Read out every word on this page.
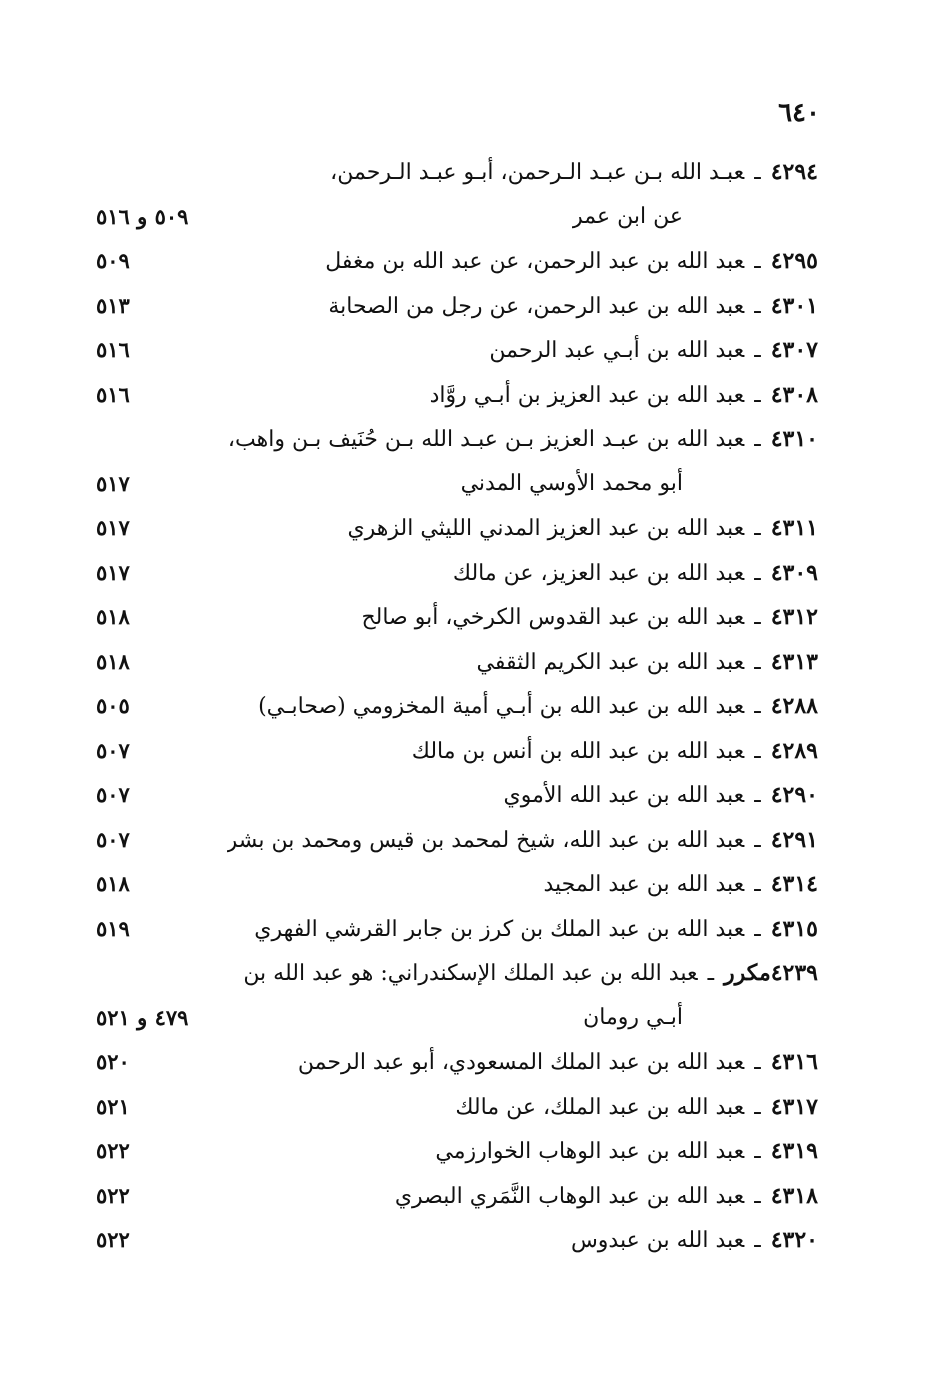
٦٤٠
٤٢٩٤ـعبـد الله بـن عبـد الـرحمن، أبـو عبـد الـرحمن،
عن ابن عمر
٥٠٩ و ٥١٦
٤٢٩٥ـعبد الله بن عبد الرحمن، عن عبد الله بن مغفل
٥٠٩
٤٣٠١ـعبد الله بن عبد الرحمن، عن رجل من الصحابة
٥١٣
٤٣٠٧ـعبد الله بن أبـي عبد الرحمن
٥١٦
٤٣٠٨ـعبد الله بن عبد العزيز بن أبـي روَّاد
٥١٦
٤٣١٠ـعبد الله بن عبـد العزيز بـن عبـد الله بـن حُنَيف بـن واهب،
أبو محمد الأوسي المدني
٥١٧
٤٣١١ـعبد الله بن عبد العزيز المدني الليثي الزهري
٥١٧
٤٣٠٩ـعبد الله بن عبد العزيز، عن مالك
٥١٧
٤٣١٢ـعبد الله بن عبد القدوس الكرخي، أبو صالح
٥١٨
٤٣١٣ـعبد الله بن عبد الكريم الثقفي
٥١٨
٤٢٨٨ـعبد الله بن عبد الله بن أبـي أمية المخزومي (صحابـي)
٥٠٥
٤٢٨٩ـعبد الله بن عبد الله بن أنس بن مالك
٥٠٧
٤٢٩٠ـعبد الله بن عبد الله الأموي
٥٠٧
٤٢٩١ـعبد الله بن عبد الله، شيخ لمحمد بن قيس ومحمد بن بشر
٥٠٧
٤٣١٤ـعبد الله بن عبد المجيد
٥١٨
٤٣١٥ـعبد الله بن عبد الملك بن كرز بن جابر القرشي الفهري
٥١٩
٤٢٣٩مكررـعبد الله بن عبد الملك الإسكندراني: هو عبد الله بن
أبـي رومان
٤٧٩ و ٥٢١
٤٣١٦ـعبد الله بن عبد الملك المسعودي، أبو عبد الرحمن
٥٢٠
٤٣١٧ـعبد الله بن عبد الملك، عن مالك
٥٢١
٤٣١٩ـعبد الله بن عبد الوهاب الخوارزمي
٥٢٢
٤٣١٨ـعبد الله بن عبد الوهاب النَّمَري البصري
٥٢٢
٤٣٢٠ـعبد الله بن عبدوس
٥٢٢
